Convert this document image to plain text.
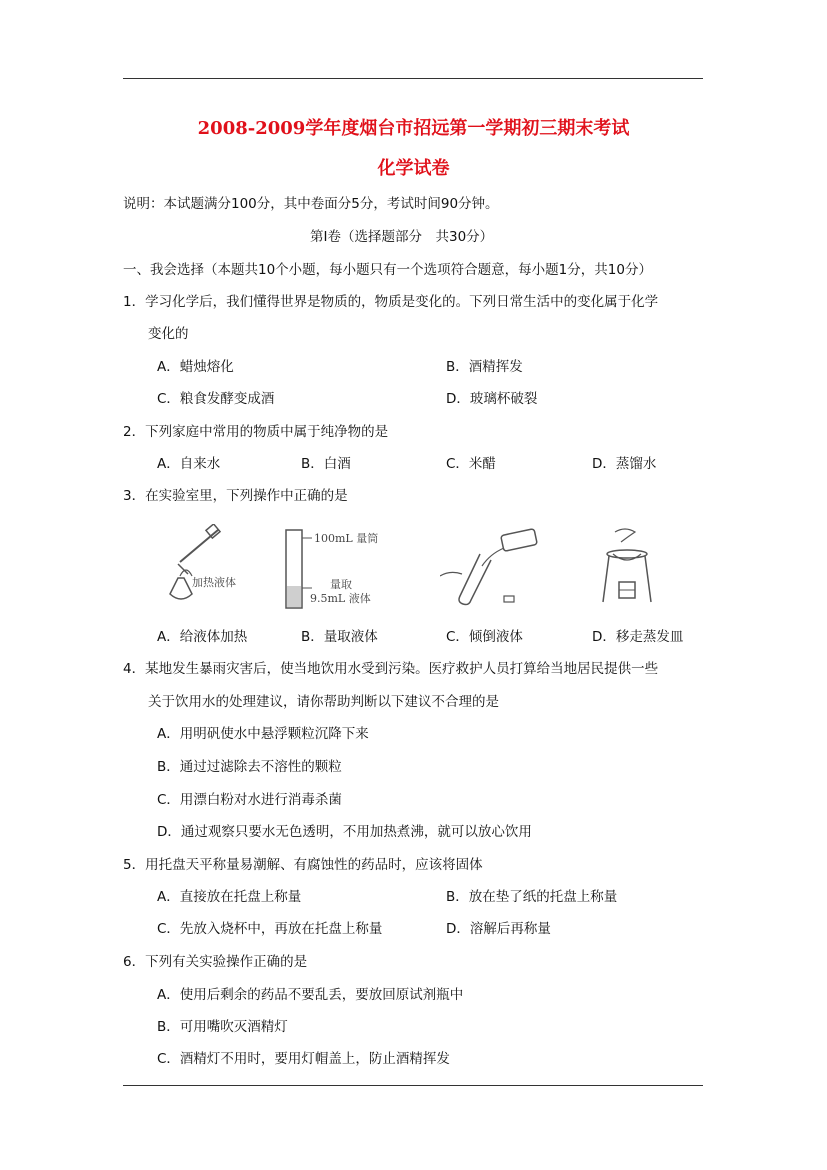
2008-2009学年度烟台市招远第一学期初三期末考试
化学试卷
说明：本试题满分100分，其中卷面分5分，考试时间90分钟。
第Ⅰ卷（选择题部分　共30分）
一、我会选择（本题共10个小题，每小题只有一个选项符合题意，每小题1分，共10分）
1．学习化学后，我们懂得世界是物质的，物质是变化的。下列日常生活中的变化属于化学
变化的
A．蜡烛熔化	B．酒精挥发
C．粮食发酵变成酒	D．玻璃杯破裂
2．下列家庭中常用的物质中属于纯净物的是
A．自来水	B．白酒	C．米醋	D．蒸馏水
3．在实验室里，下列操作中正确的是
加热液体
100mL 量筒
量取
9.5mL 液体
A．给液体加热	B．量取液体	C．倾倒液体	D．移走蒸发皿
4．某地发生暴雨灾害后，使当地饮用水受到污染。医疗救护人员打算给当地居民提供一些
关于饮用水的处理建议，请你帮助判断以下建议不合理的是
A．用明矾使水中悬浮颗粒沉降下来
B．通过过滤除去不溶性的颗粒
C．用漂白粉对水进行消毒杀菌
D．通过观察只要水无色透明，不用加热煮沸，就可以放心饮用
5．用托盘天平称量易潮解、有腐蚀性的药品时，应该将固体
A．直接放在托盘上称量	B．放在垫了纸的托盘上称量
C．先放入烧杯中，再放在托盘上称量	D．溶解后再称量
6．下列有关实验操作正确的是
A．使用后剩余的药品不要乱丢，要放回原试剂瓶中
B．可用嘴吹灭酒精灯
C．酒精灯不用时，要用灯帽盖上，防止酒精挥发
